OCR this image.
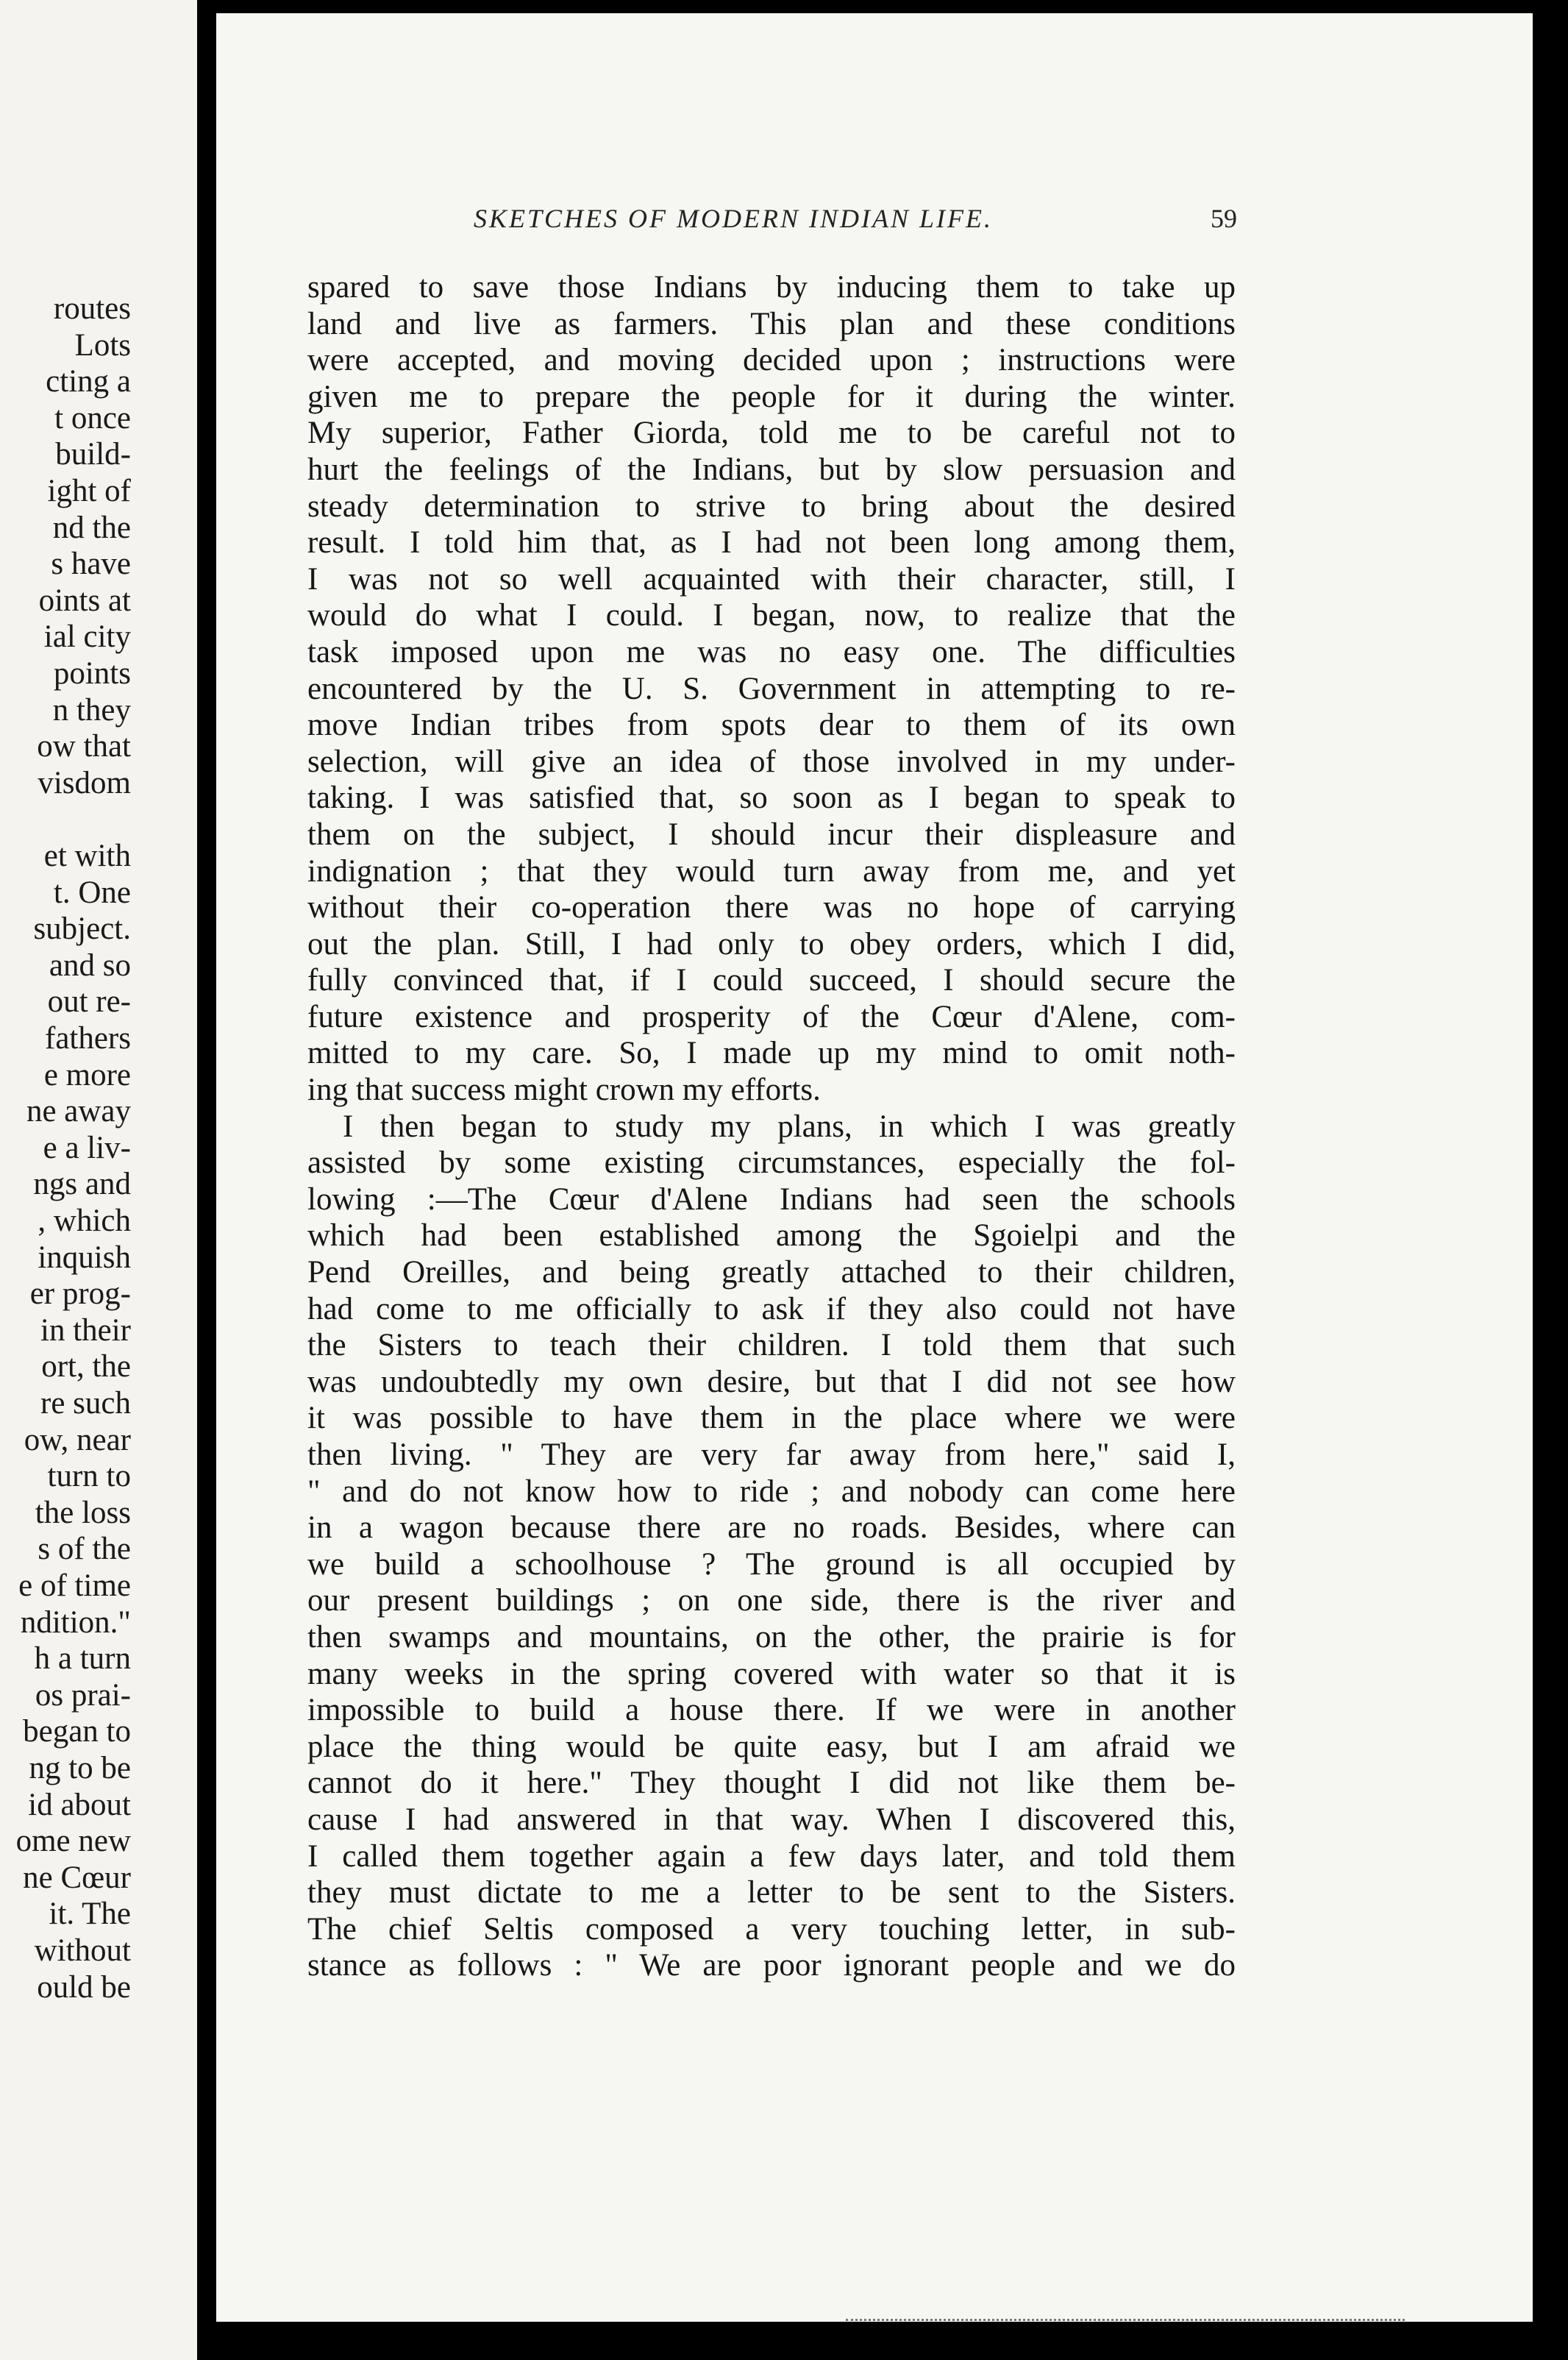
routes
Lots
cting a
t once
build-
ight of
nd the
s have
oints at
ial city
points
n they
ow that
visdom
et with
t. One
subject.
and so
out re-
fathers
e more
ne away
e a liv-
ngs and
, which
inquish
er prog-
in their
ort, the
re such
ow, near
turn to
the loss
s of the
e of time
ndition."
h a turn
os prai-
began to
ng to be
id about
ome new
ne Cœur
it. The
without
ould be
SKETCHES OF MODERN INDIAN LIFE.	59
spared to save those Indians by inducing them to take up
land and live as farmers. This plan and these conditions
were accepted, and moving decided upon ; instructions were
given me to prepare the people for it during the winter.
My superior, Father Giorda, told me to be careful not to
hurt the feelings of the Indians, but by slow persuasion and
steady determination to strive to bring about the desired
result. I told him that, as I had not been long among them,
I was not so well acquainted with their character, still, I
would do what I could. I began, now, to realize that the
task imposed upon me was no easy one. The difficulties
encountered by the U. S. Government in attempting to re-
move Indian tribes from spots dear to them of its own
selection, will give an idea of those involved in my under-
taking. I was satisfied that, so soon as I began to speak to
them on the subject, I should incur their displeasure and
indignation ; that they would turn away from me, and yet
without their co-operation there was no hope of carrying
out the plan. Still, I had only to obey orders, which I did,
fully convinced that, if I could succeed, I should secure the
future existence and prosperity of the Cœur d'Alene, com-
mitted to my care. So, I made up my mind to omit noth-
ing that success might crown my efforts.
I then began to study my plans, in which I was greatly
assisted by some existing circumstances, especially the fol-
lowing :—The Cœur d'Alene Indians had seen the schools
which had been established among the Sgoielpi and the
Pend Oreilles, and being greatly attached to their children,
had come to me officially to ask if they also could not have
the Sisters to teach their children. I told them that such
was undoubtedly my own desire, but that I did not see how
it was possible to have them in the place where we were
then living. " They are very far away from here," said I,
" and do not know how to ride ; and nobody can come here
in a wagon because there are no roads. Besides, where can
we build a schoolhouse ? The ground is all occupied by
our present buildings ; on one side, there is the river and
then swamps and mountains, on the other, the prairie is for
many weeks in the spring covered with water so that it is
impossible to build a house there. If we were in another
place the thing would be quite easy, but I am afraid we
cannot do it here." They thought I did not like them be-
cause I had answered in that way. When I discovered this,
I called them together again a few days later, and told them
they must dictate to me a letter to be sent to the Sisters.
The chief Seltis composed a very touching letter, in sub-
stance as follows : " We are poor ignorant people and we do
